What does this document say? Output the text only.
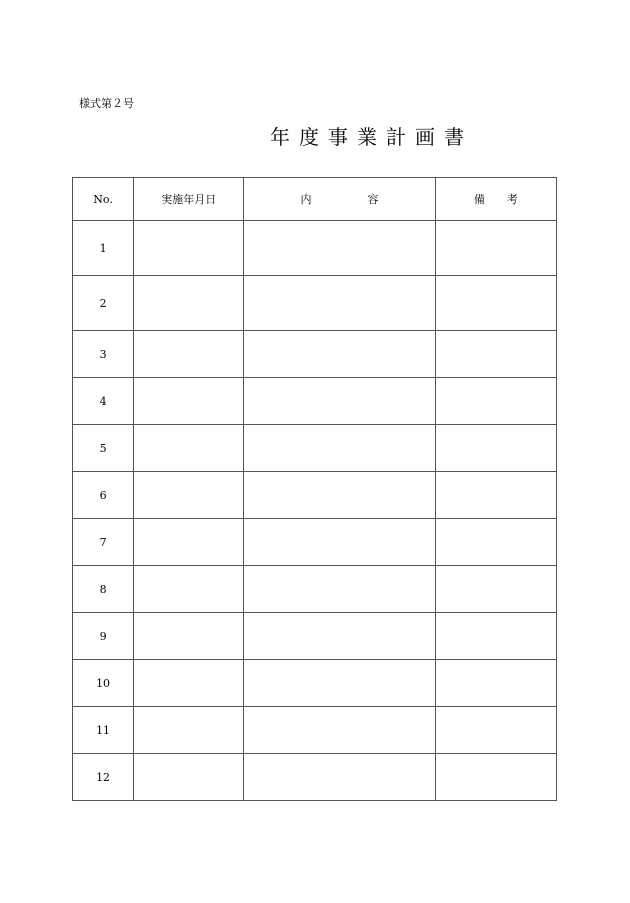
様式第２号
年度事業計画書
No.	実施年月日	内 容	備 考
1			
2			
3			
4			
5			
6			
7			
8			
9			
10			
11			
12			
